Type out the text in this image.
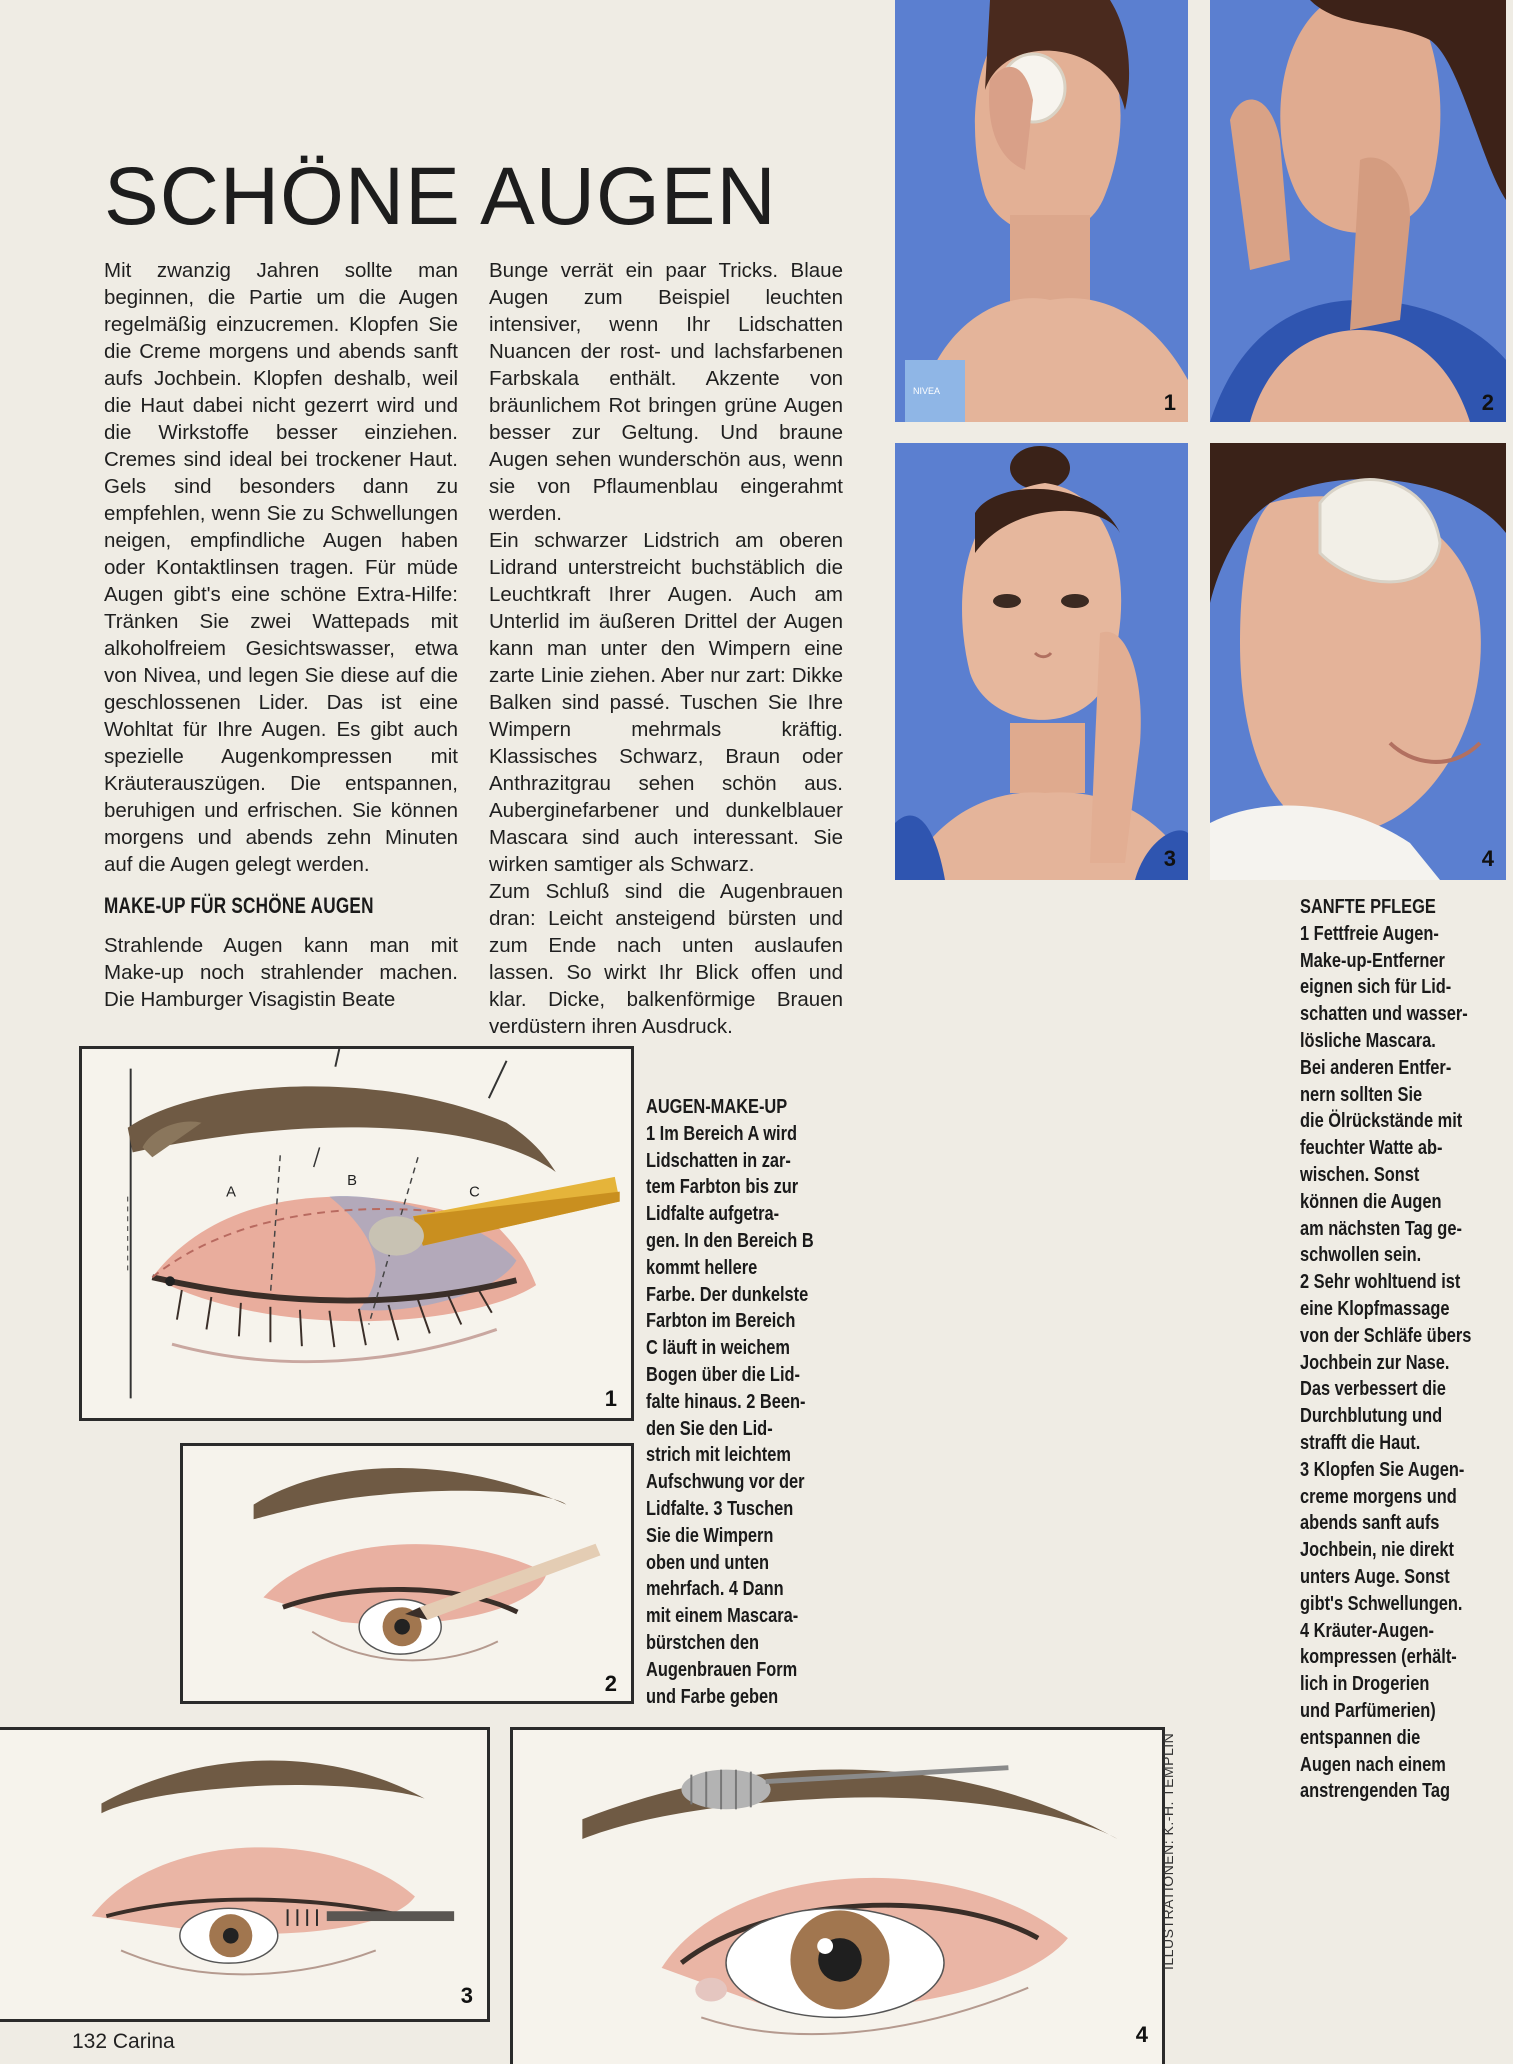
SCHÖNE AUGEN

Mit zwanzig Jahren sollte man beginnen, die Partie um die Augen regelmäßig einzucremen. Klopfen Sie die Creme morgens und abends sanft aufs Jochbein. Klopfen deshalb, weil die Haut dabei nicht gezerrt wird und die Wirkstoffe besser einziehen. Cremes sind ideal bei trockener Haut. Gels sind besonders dann zu empfehlen, wenn Sie zu Schwellungen neigen, empfindliche Augen haben oder Kontaktlinsen tragen. Für müde Augen gibt's eine schöne Extra-Hilfe: Tränken Sie zwei Wattepads mit alkoholfreiem Gesichtswasser, etwa von Nivea, und legen Sie diese auf die geschlossenen Lider. Das ist eine Wohltat für Ihre Augen. Es gibt auch spezielle Augenkompressen mit Kräuterauszügen. Die entspannen, beruhigen und erfrischen. Sie können morgens und abends zehn Minuten auf die Augen gelegt werden.

MAKE-UP FÜR SCHÖNE AUGEN

Strahlende Augen kann man mit Make-up noch strahlender machen. Die Hamburger Visagistin Beate

Bunge verrät ein paar Tricks. Blaue Augen zum Beispiel leuchten intensiver, wenn Ihr Lidschatten Nuancen der rost- und lachsfarbenen Farbskala enthält. Akzente von bräunlichem Rot bringen grüne Augen besser zur Geltung. Und braune Augen sehen wunderschön aus, wenn sie von Pflaumenblau eingerahmt werden.

Ein schwarzer Lidstrich am oberen Lidrand unterstreicht buchstäblich die Leuchtkraft Ihrer Augen. Auch am Unterlid im äußeren Drittel der Augen kann man unter den Wimpern eine zarte Linie ziehen. Aber nur zart: Dikke Balken sind passé. Tuschen Sie Ihre Wimpern mehrmals kräftig. Klassisches Schwarz, Braun oder Anthrazitgrau sehen schön aus. Auberginefarbener und dunkelblauer Mascara sind auch interessant. Sie wirken samtiger als Schwarz.

Zum Schluß sind die Augenbrauen dran: Leicht ansteigend bürsten und zum Ende nach unten auslaufen lassen. So wirkt Ihr Blick offen und klar. Dicke, balkenförmige Brauen verdüstern ihren Ausdruck.

NIVEA	1	2
3	4
SANFTE PFLEGE
1 Fettfreie Augen-
Make-up-Entferner
eignen sich für Lid-
schatten und wasser-
lösliche Mascara.
Bei anderen Entfer-
nern sollten Sie
die Ölrückstände mit
feuchter Watte ab-
wischen. Sonst
können die Augen
am nächsten Tag ge-
schwollen sein.
2 Sehr wohltuend ist
eine Klopfmassage
von der Schläfe übers
Jochbein zur Nase.
Das verbessert die
Durchblutung und
strafft die Haut.
3 Klopfen Sie Augen-
creme morgens und
abends sanft aufs
Jochbein, nie direkt
unters Auge. Sonst
gibt's Schwellungen.
4 Kräuter-Augen-
kompressen (erhält-
lich in Drogerien
und Parfümerien)
entspannen die
Augen nach einem
anstrengenden Tag
A
B
C
1
AUGEN-MAKE-UP
1 Im Bereich A wird
Lidschatten in zar-
tem Farbton bis zur
Lidfalte aufgetra-
gen. In den Bereich B
kommt hellere
Farbe. Der dunkelste
Farbton im Bereich
C läuft in weichem
Bogen über die Lid-
falte hinaus. 2 Been-
den Sie den Lid-
strich mit leichtem
Aufschwung vor der
Lidfalte. 3 Tuschen
Sie die Wimpern
oben und unten
mehrfach. 4 Dann
mit einem Mascara-
bürstchen den
Augenbrauen Form
und Farbe geben
2
3
4
ILLUSTRATIONEN: K.-H. TEMPLIN
132 Carina
